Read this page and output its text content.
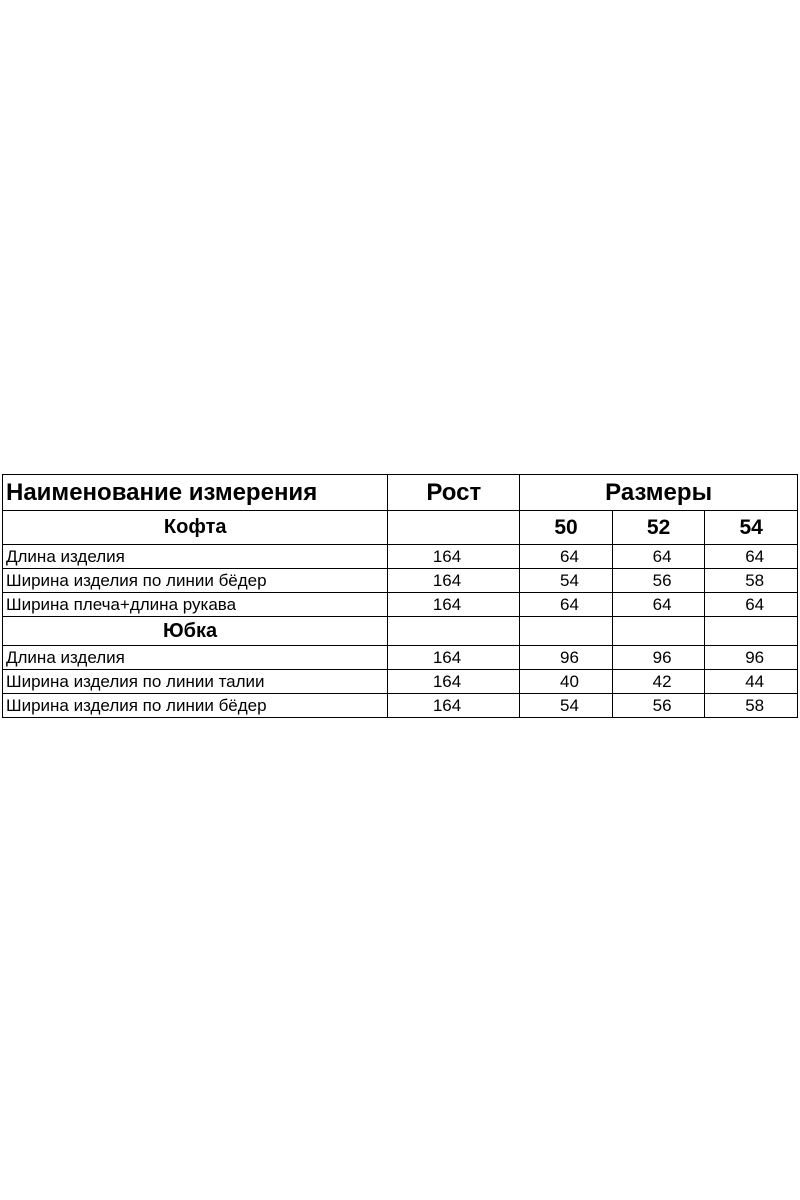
Наименование измерения	Рост	Размеры		
Кофта		50	52	54
Длина изделия	164	64	64	64
Ширина изделия по линии бёдер	164	54	56	58
Ширина плеча+длина рукава	164	64	64	64
Юбка				
Длина изделия	164	96	96	96
Ширина изделия по линии талии	164	40	42	44
Ширина изделия по линии бёдер	164	54	56	58
